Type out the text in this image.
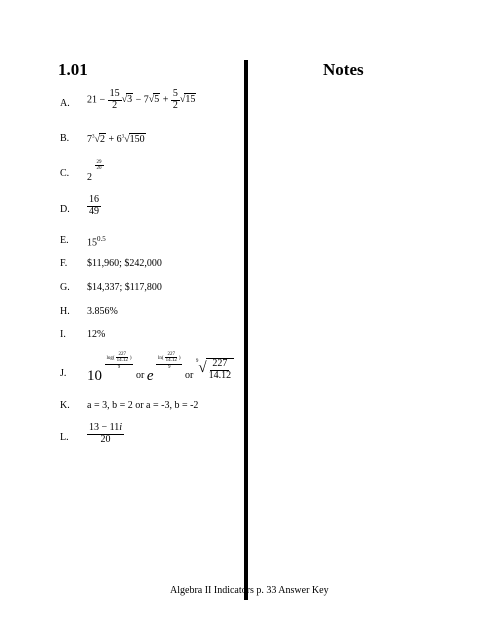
1.01	Notes
A. $21 - \frac{15}{2} √3 - 7√5 + \frac{5}{2} √15$
B. $7^3√2 + 6^3√150$
C. 2
$\frac{29}{20}$
D. $\frac{16}{49}$
E. $15^{0.5}$
F. $11,960; $242,000
G. $14,337; $117,800
H. 3.856%
I. 12%
J. 10
$\frac{\log( \frac{227}{14.12} )}{9}$
or e
$\frac{\ln( \frac{227}{14.12} )}{9}$
or $^9√ \frac{227}{14.12}$
K. a = 3, b = 2 or a = -3, b = -2
L. $\frac{13 - 11i}{20}$
Algebra II Indicators p. 33 Answer Key
